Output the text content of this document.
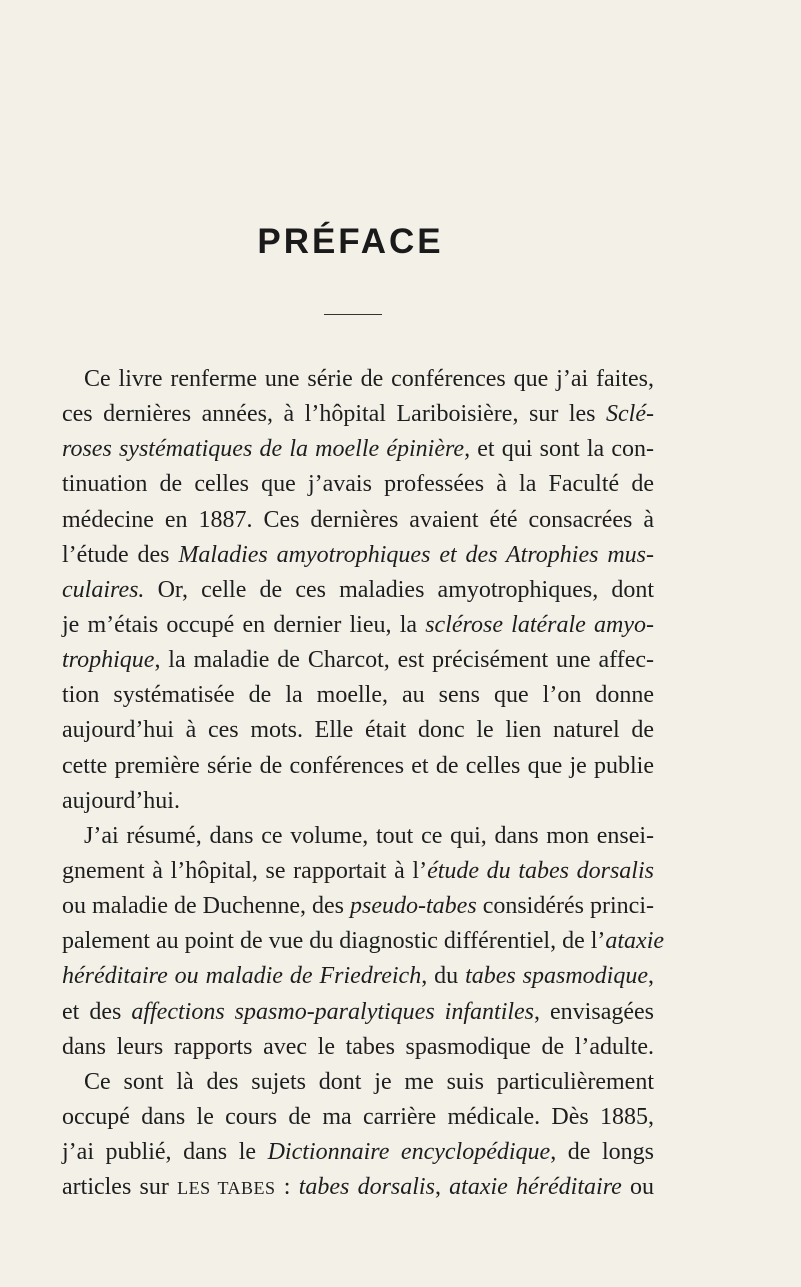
PRÉFACE
Ce livre renferme une série de conférences que j’ai faites,
ces dernières années, à l’hôpital Lariboisière, sur les Sclé-
roses systématiques de la moelle épinière, et qui sont la con-
tinuation de celles que j’avais professées à la Faculté de
médecine en 1887. Ces dernières avaient été consacrées à
l’étude des Maladies amyotrophiques et des Atrophies mus-
culaires. Or, celle de ces maladies amyotrophiques, dont
je m’étais occupé en dernier lieu, la sclérose latérale amyo-
trophique, la maladie de Charcot, est précisément une affec-
tion systématisée de la moelle, au sens que l’on donne
aujourd’hui à ces mots. Elle était donc le lien naturel de
cette première série de conférences et de celles que je publie
aujourd’hui.
J’ai résumé, dans ce volume, tout ce qui, dans mon ensei-
gnement à l’hôpital, se rapportait à l’étude du tabes dorsalis
ou maladie de Duchenne, des pseudo-tabes considérés princi-
palement au point de vue du diagnostic différentiel, de l’ataxie
héréditaire ou maladie de Friedreich, du tabes spasmodique,
et des affections spasmo-paralytiques infantiles, envisagées
dans leurs rapports avec le tabes spasmodique de l’adulte.
Ce sont là des sujets dont je me suis particulièrement
occupé dans le cours de ma carrière médicale. Dès 1885,
j’ai publié, dans le Dictionnaire encyclopédique, de longs
articles sur LES TABES : tabes dorsalis, ataxie héréditaire ou
